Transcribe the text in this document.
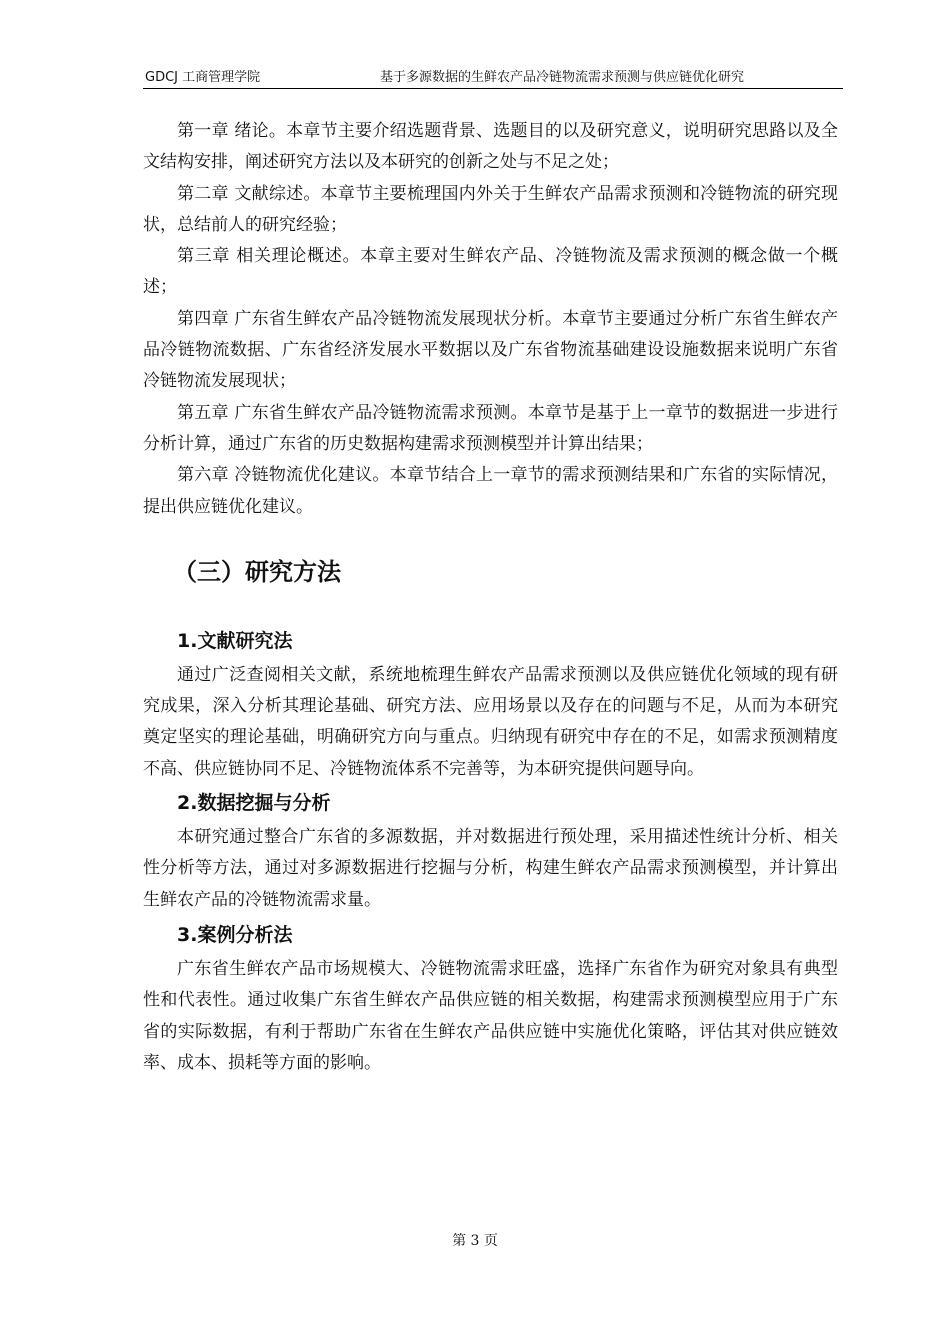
GDCJ 工商管理学院	基于多源数据的生鲜农产品冷链物流需求预测与供应链优化研究

第一章 绪论。本章节主要介绍选题背景、选题目的以及研究意义，说明研究思路以及全文结构安排，阐述研究方法以及本研究的创新之处与不足之处；

第二章 文献综述。本章节主要梳理国内外关于生鲜农产品需求预测和冷链物流的研究现状，总结前人的研究经验；

第三章 相关理论概述。本章主要对生鲜农产品、冷链物流及需求预测的概念做一个概述；

第四章 广东省生鲜农产品冷链物流发展现状分析。本章节主要通过分析广东省生鲜农产品冷链物流数据、广东省经济发展水平数据以及广东省物流基础建设设施数据来说明广东省冷链物流发展现状；

第五章 广东省生鲜农产品冷链物流需求预测。本章节是基于上一章节的数据进一步进行分析计算，通过广东省的历史数据构建需求预测模型并计算出结果；

第六章 冷链物流优化建议。本章节结合上一章节的需求预测结果和广东省的实际情况，提出供应链优化建议。

（三）研究方法
1.文献研究法

通过广泛查阅相关文献，系统地梳理生鲜农产品需求预测以及供应链优化领域的现有研究成果，深入分析其理论基础、研究方法、应用场景以及存在的问题与不足，从而为本研究奠定坚实的理论基础，明确研究方向与重点。归纳现有研究中存在的不足，如需求预测精度不高、供应链协同不足、冷链物流体系不完善等，为本研究提供问题导向。

2.数据挖掘与分析

本研究通过整合广东省的多源数据，并对数据进行预处理，采用描述性统计分析、相关性分析等方法，通过对多源数据进行挖掘与分析，构建生鲜农产品需求预测模型，并计算出生鲜农产品的冷链物流需求量。

3.案例分析法

广东省生鲜农产品市场规模大、冷链物流需求旺盛，选择广东省作为研究对象具有典型性和代表性。通过收集广东省生鲜农产品供应链的相关数据，构建需求预测模型应用于广东省的实际数据，有利于帮助广东省在生鲜农产品供应链中实施优化策略，评估其对供应链效率、成本、损耗等方面的影响。

第 3 页
